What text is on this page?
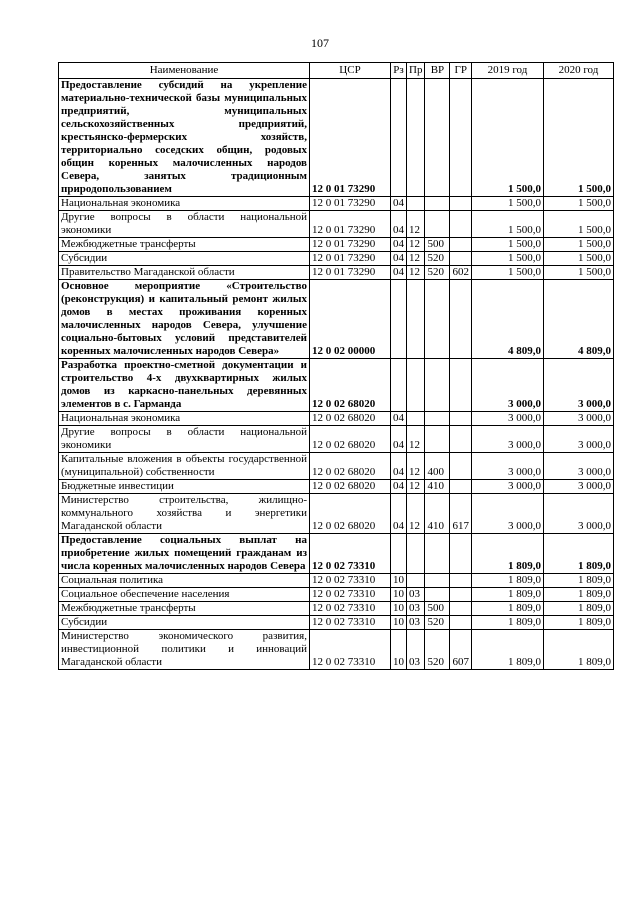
107
Наименование	ЦСР	Рз	Пр	ВР	ГР	2019 год	2020 год
Предоставление субсидий на укрепление материально-технической базы муниципальных предприятий, муниципальных сельскохозяйственных предприятий, крестьянско-фермерских хозяйств, территориально соседских общин, родовых общин коренных малочисленных народов Севера, занятых традиционным природопользованием	12 0 01 73290					1 500,0	1 500,0
Национальная экономика	12 0 01 73290	04				1 500,0	1 500,0
Другие вопросы в области национальной экономики	12 0 01 73290	04	12			1 500,0	1 500,0
Межбюджетные трансферты	12 0 01 73290	04	12	500		1 500,0	1 500,0
Субсидии	12 0 01 73290	04	12	520		1 500,0	1 500,0
Правительство Магаданской области	12 0 01 73290	04	12	520	602	1 500,0	1 500,0
Основное мероприятие «Строительство (реконструкция) и капитальный ремонт жилых домов в местах проживания коренных малочисленных народов Севера, улучшение социально-бытовых условий представителей коренных малочисленных народов Севера»	12 0 02 00000					4 809,0	4 809,0
Разработка проектно-сметной документации и строительство 4-х двухквартирных жилых домов из каркасно-панельных деревянных элементов в с. Гарманда	12 0 02 68020					3 000,0	3 000,0
Национальная экономика	12 0 02 68020	04				3 000,0	3 000,0
Другие вопросы в области национальной экономики	12 0 02 68020	04	12			3 000,0	3 000,0
Капитальные вложения в объекты государственной (муниципальной) собственности	12 0 02 68020	04	12	400		3 000,0	3 000,0
Бюджетные инвестиции	12 0 02 68020	04	12	410		3 000,0	3 000,0
Министерство строительства, жилищно-коммунального хозяйства и энергетики Магаданской области	12 0 02 68020	04	12	410	617	3 000,0	3 000,0
Предоставление социальных выплат на приобретение жилых помещений гражданам из числа коренных малочисленных народов Севера	12 0 02 73310					1 809,0	1 809,0
Социальная политика	12 0 02 73310	10				1 809,0	1 809,0
Социальное обеспечение населения	12 0 02 73310	10	03			1 809,0	1 809,0
Межбюджетные трансферты	12 0 02 73310	10	03	500		1 809,0	1 809,0
Субсидии	12 0 02 73310	10	03	520		1 809,0	1 809,0
Министерство экономического развития, инвестиционной политики и инноваций Магаданской области	12 0 02 73310	10	03	520	607	1 809,0	1 809,0
